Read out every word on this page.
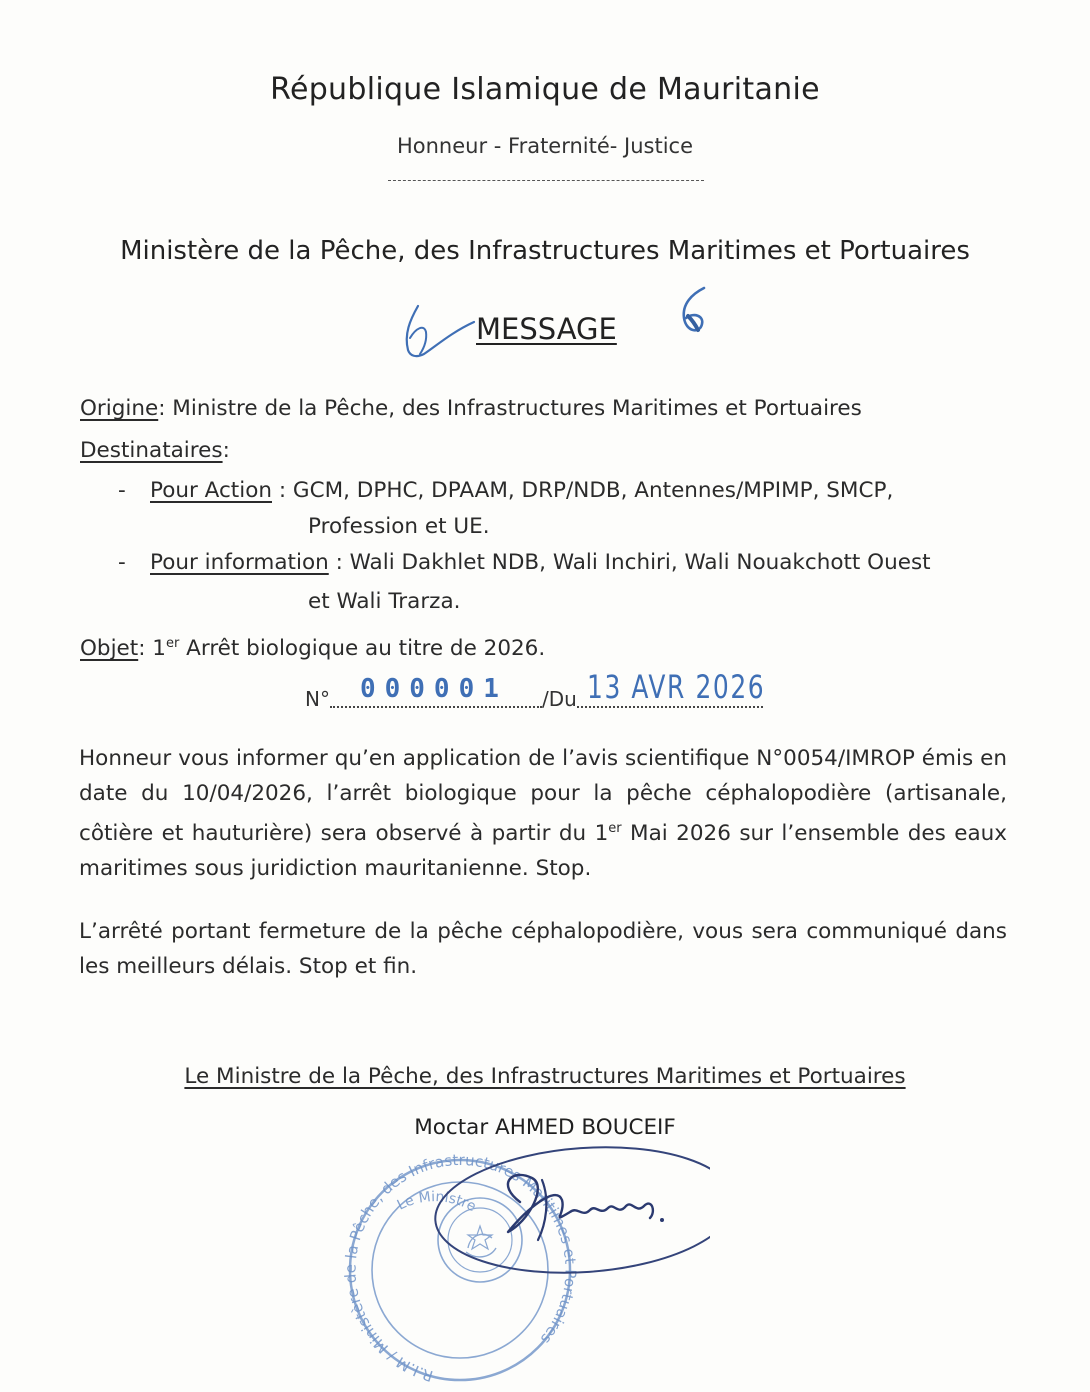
République Islamique de Mauritanie
Honneur - Fraternité- Justice
Ministère de la Pêche, des Infrastructures Maritimes et Portuaires
MESSAGE
Origine: Ministre de la Pêche, des Infrastructures Maritimes et Portuaires
Destinataires:
- Pour Action : GCM, DPHC, DPAAM, DRP/NDB, Antennes/MPIMP, SMCP,
Profession et UE.
- Pour information : Wali Dakhlet NDB, Wali Inchiri, Wali Nouakchott Ouest
et Wali Trarza.
Objet: 1er Arrêt biologique au titre de 2026.
N° 000001 /Du 13 AVR 2026
Honneur vous informer qu’en application de l’avis scientifique N°0054/IMROP émis en date du 10/04/2026, l’arrêt biologique pour la pêche céphalopodière (artisanale, côtière et hauturière) sera observé à partir du 1er Mai 2026 sur l’ensemble des eaux maritimes sous juridiction mauritanienne. Stop.
L’arrêté portant fermeture de la pêche céphalopodière, vous sera communiqué dans les meilleurs délais. Stop et fin.
Le Ministre de la Pêche, des Infrastructures Maritimes et Portuaires
Moctar AHMED BOUCEIF
R.I.M / Ministère de la Pêche, des Infrastructures Maritimes et Portuaires
Le Ministre
